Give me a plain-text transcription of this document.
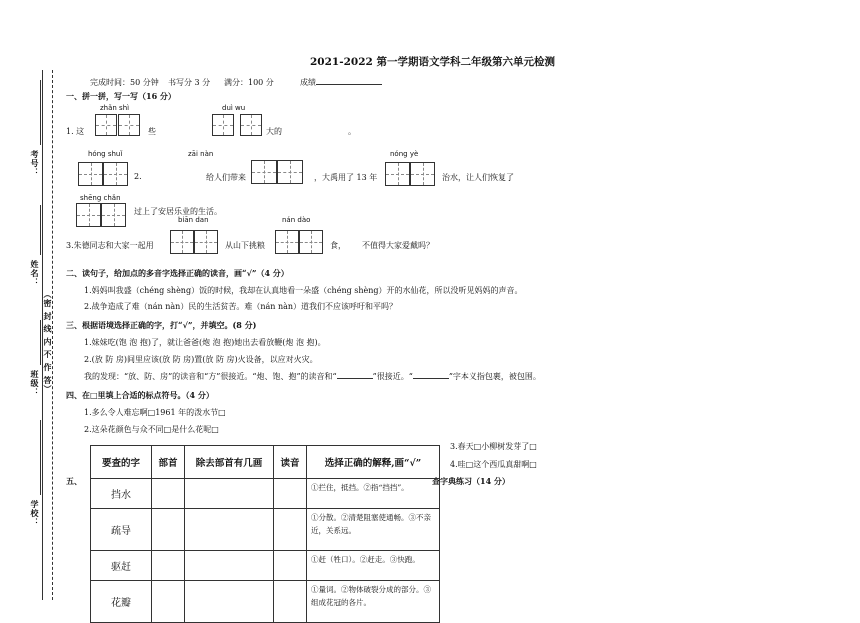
考号：
姓名：
（密 封 线 内 不 作 答）
班级：
学校：
2021-2022 第一学期语文学科二年级第六单元检测
完成时间：50 分钟 书写分 3 分 满分：100 分	成绩
一、拼一拼，写一写（16 分）
zhǎn shì	duì wu
1. 这	些	大的	。
hóng shuǐ	zāi nàn	nóng yè
2.	给人们带来	，大禹用了 13 年	治水，让人们恢复了
shēng chǎn
过上了安居乐业的生活。
biān dan	nán dào
3.朱德同志和大家一起用	从山下挑粮	食， 不值得大家爱戴吗？
二、读句子，给加点的多音字选择正确的读音，画“√”（4 分）
1.妈妈叫我盛（chéng shèng）饭的时候，我却在认真地看一朵盛（chéng shèng）开的水仙花，所以没听见妈妈的声音。
2.战争造成了难（nán nàn）民的生活贫苦。难（nán nàn）道我们不应该呼吁和平吗？
三、根据语境选择正确的字，打“√”，并填空。(8 分)
1.妹妹吃(饱 泡 抱)了，就让爸爸(炮 泡 抱)她出去看放鞭(炮 泡 抱)。
2.(放 防 房)间里应该(放 防 房)置(放 防 房)火设备，以应对火灾。
我的发现：“放、防、房”的读音和“方”很接近。“炮、饱、抱”的读音和“	”很接近。“	”字本义指包裹，被包围。
四、在□里填上合适的标点符号。（4 分）
1.多么令人难忘啊□1961 年的泼水节□
2.这朵花颜色与众不同□是什么花呢□
3.春天□小柳树发芽了□
4.哇□这个西瓜真甜啊□
五、	查字典练习（14 分）
要查的字	部首	除去部首有几画	读音	选择正确的解释,画“√”
挡水				①拦住，抵挡。②指“挡挡”。
疏导				①分散。②清楚阻塞使通畅。③不亲近，关系远。
驱赶				①赶（牲口）。②赶走。③快跑。
花瓣				①量词。②物体破裂分成的部分。③组成花冠的各片。
